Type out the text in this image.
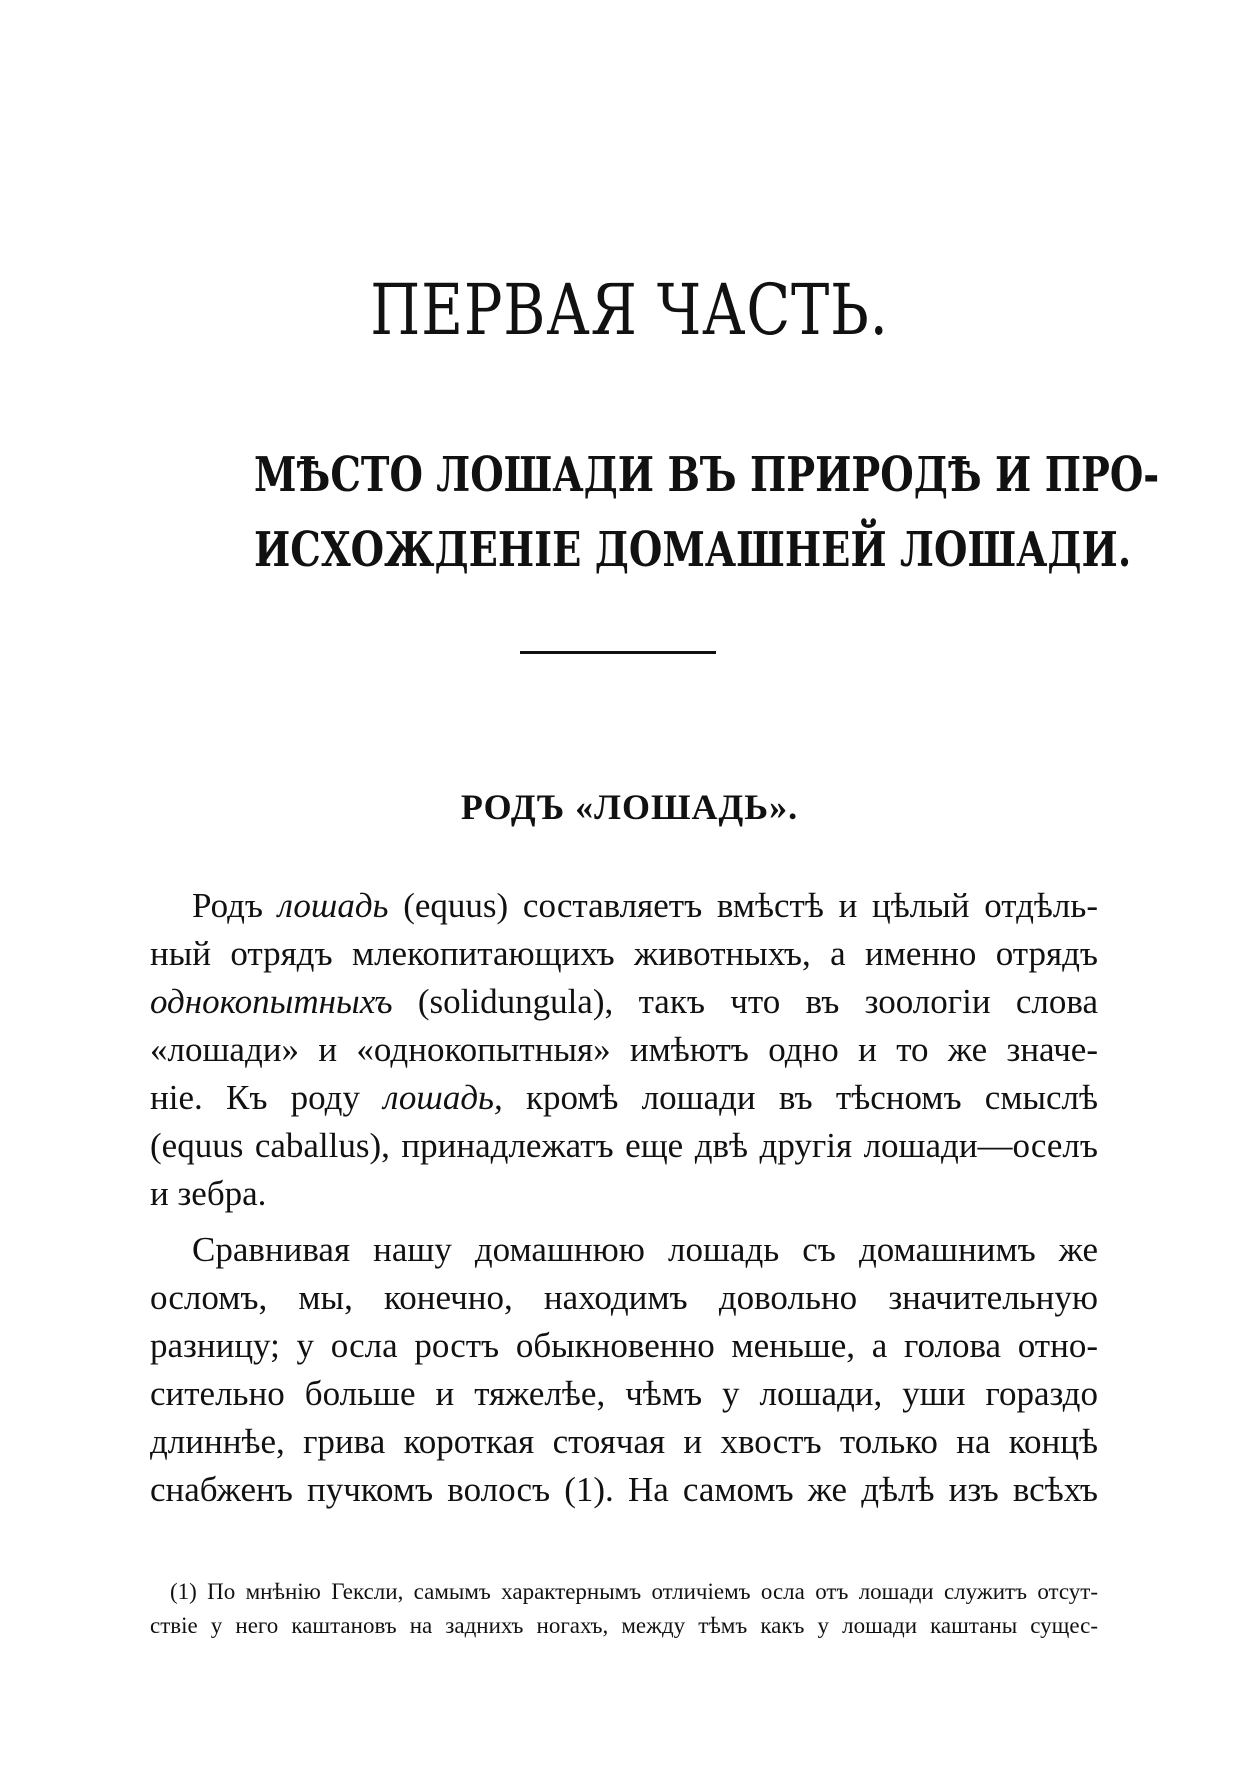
ПЕРВАЯ ЧАСТЬ.
МѢСТО ЛОШАДИ ВЪ ПРИРОДѢ И ПРО-
ИСХОЖДЕНІЕ ДОМАШНЕЙ ЛОШАДИ.
РОДЪ «ЛОШАДЬ».
Родъ лошадь (equus) составляетъ вмѣстѣ и цѣлый отдѣль-
ный отрядъ млекопитающихъ животныхъ, а именно отрядъ
однокопытныхъ (solidungula), такъ что въ зоологіи слова
«лошади» и «однокопытныя» имѣютъ одно и то же значе-
ніе. Къ роду лошадь, кромѣ лошади въ тѣсномъ смыслѣ
(equus caballus), принадлежатъ еще двѣ другія лошади—оселъ
и зебра.
Сравнивая нашу домашнюю лошадь съ домашнимъ же
осломъ, мы, конечно, находимъ довольно значительную
разницу; у осла ростъ обыкновенно меньше, а голова отно-
сительно больше и тяжелѣе, чѣмъ у лошади, уши гораздо
длиннѣе, грива короткая стоячая и хвостъ только на концѣ
снабженъ пучкомъ волосъ (1). На самомъ же дѣлѣ изъ всѣхъ
(1) По мнѣнію Гексли, самымъ характернымъ отличіемъ осла отъ лошади служитъ отсут-
ствіе у него каштановъ на заднихъ ногахъ, между тѣмъ какъ у лошади каштаны сущес-
